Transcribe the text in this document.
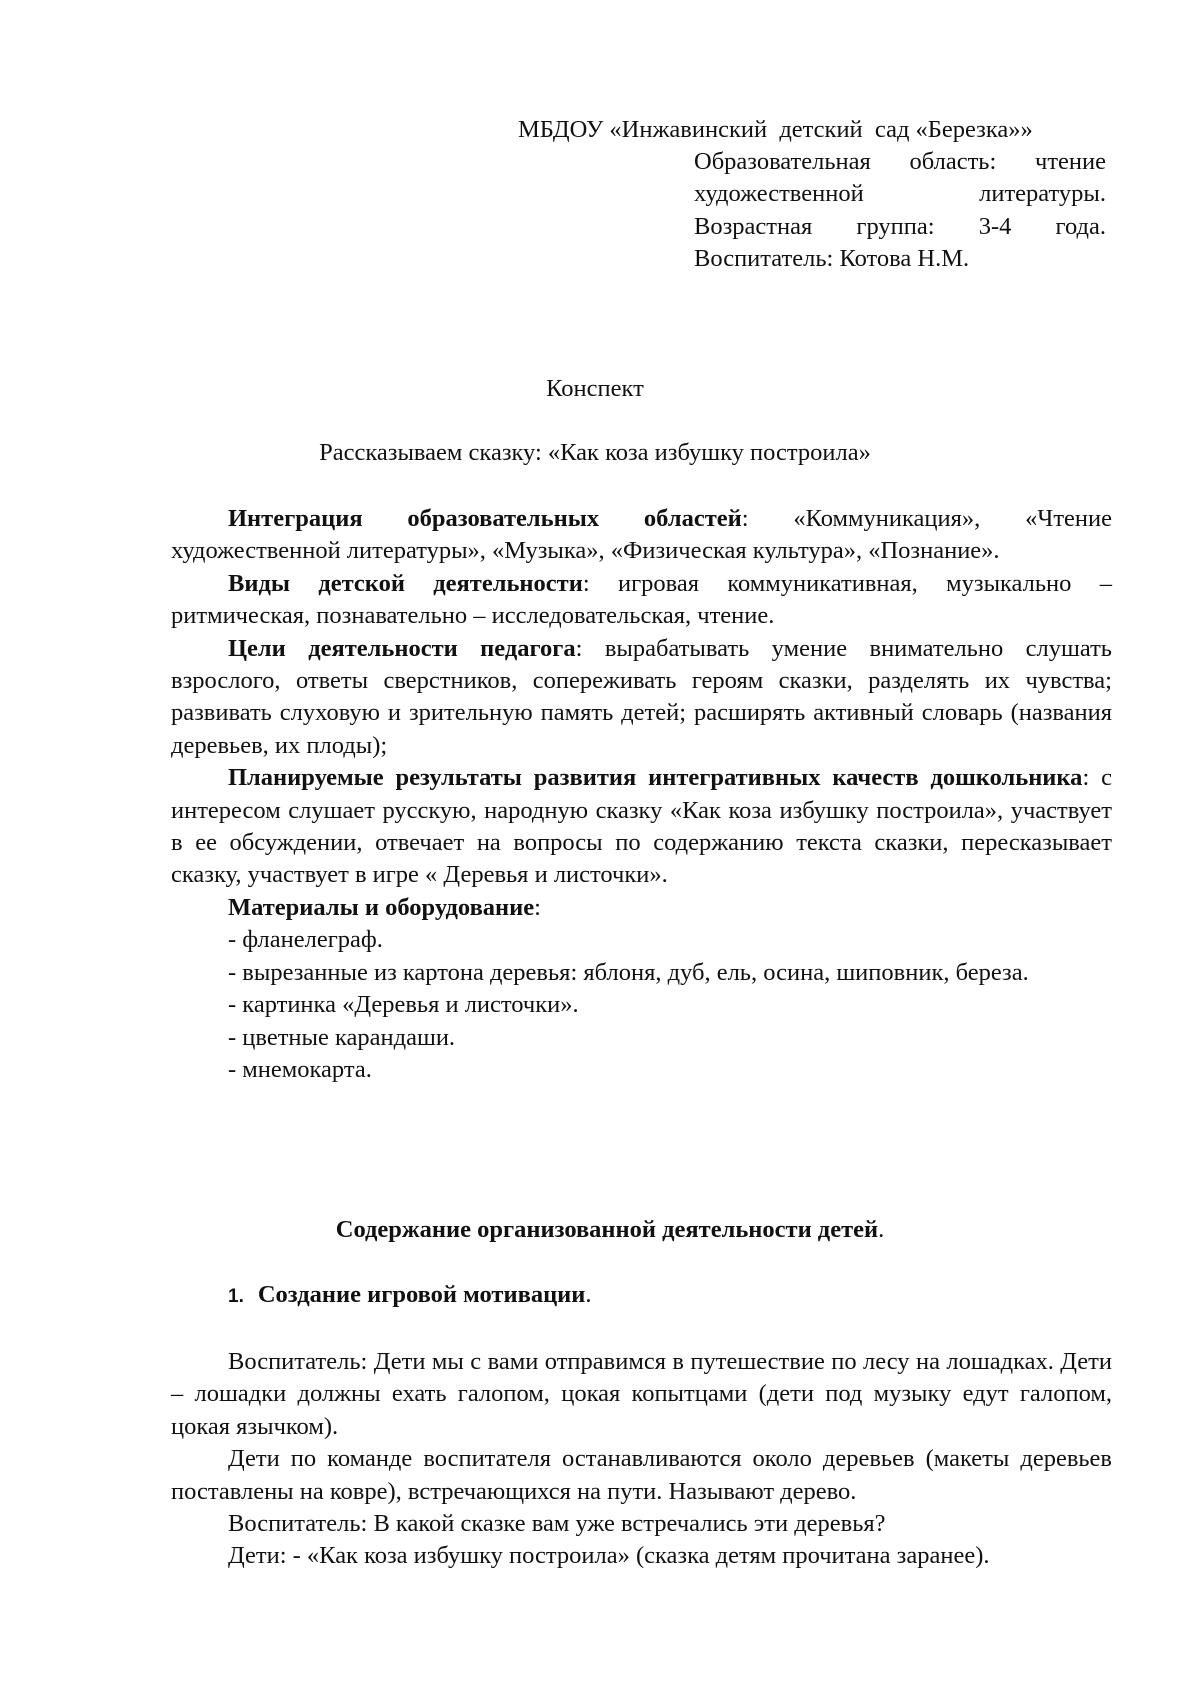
МБДОУ «Инжавинский  детский  сад «Березка»»
Образовательная область: чтение
художественной литературы.
Возрастная группа: 3-4 года.
Воспитатель: Котова Н.М.
Конспект
Рассказываем сказку: «Как коза избушку построила»

Интеграция образовательных областей: «Коммуникация», «Чтение художественной литературы», «Музыка», «Физическая культура», «Познание».

Виды детской деятельности: игровая коммуникативная, музыкально – ритмическая, познавательно – исследовательская, чтение.

Цели деятельности педагога: вырабатывать умение внимательно слушать взрослого, ответы сверстников, сопереживать героям сказки, разделять их чувства; развивать слуховую и зрительную память детей; расширять активный словарь (названия деревьев, их плоды);

Планируемые результаты развития интегративных качеств дошкольника: с интересом слушает русскую, народную сказку «Как коза избушку построила», участвует в ее обсуждении, отвечает на вопросы по содержанию текста сказки, пересказывает сказку, участвует в игре « Деревья и листочки».

Материалы и оборудование:

- фланелеграф.

- вырезанные из картона деревья: яблоня, дуб, ель, осина, шиповник, береза.

- картинка «Деревья и листочки».

- цветные карандаши.

- мнемокарта.

Содержание организованной деятельности детей.
1. Создание игровой мотивации.

Воспитатель: Дети мы с вами отправимся в путешествие по лесу на лошадках. Дети – лошадки должны ехать галопом, цокая копытцами (дети под музыку едут галопом, цокая язычком).

Дети по команде воспитателя останавливаются около деревьев (макеты деревьев поставлены на ковре), встречающихся на пути. Называют дерево.

Воспитатель: В какой сказке вам уже встречались эти деревья?

Дети: - «Как коза избушку построила» (сказка детям прочитана заранее).
